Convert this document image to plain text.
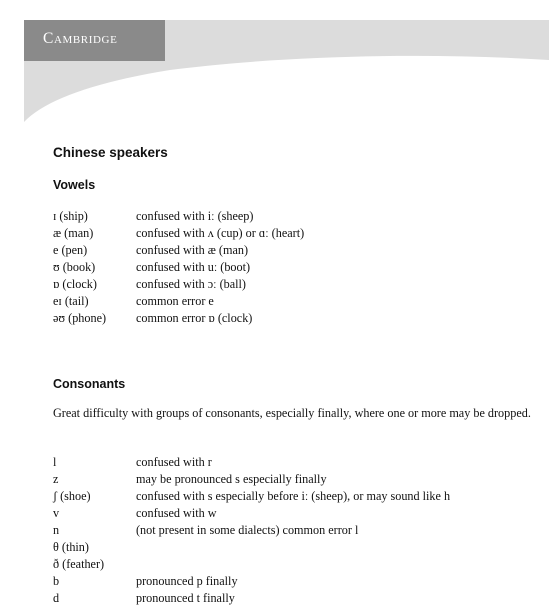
Cambridge
Chinese speakers
Vowels
ɪ (ship)	confused with iː (sheep)
æ (man)	confused with ʌ (cup) or ɑː (heart)
e (pen)	confused with æ (man)
ʊ (book)	confused with uː (boot)
ɒ (clock)	confused with ɔː (ball)
eɪ (tail)	common error e
əʊ (phone)	common error ɒ (clock)
Consonants
Great difficulty with groups of consonants, especially finally, where one or more may be dropped.
l	confused with r
z	may be pronounced s especially finally
ʃ (shoe)	confused with s especially before iː (sheep), or may sound like h
v	confused with w
n	(not present in some dialects) common error l
θ (thin)
ð (feather)
b	pronounced p finally
d	pronounced t finally
